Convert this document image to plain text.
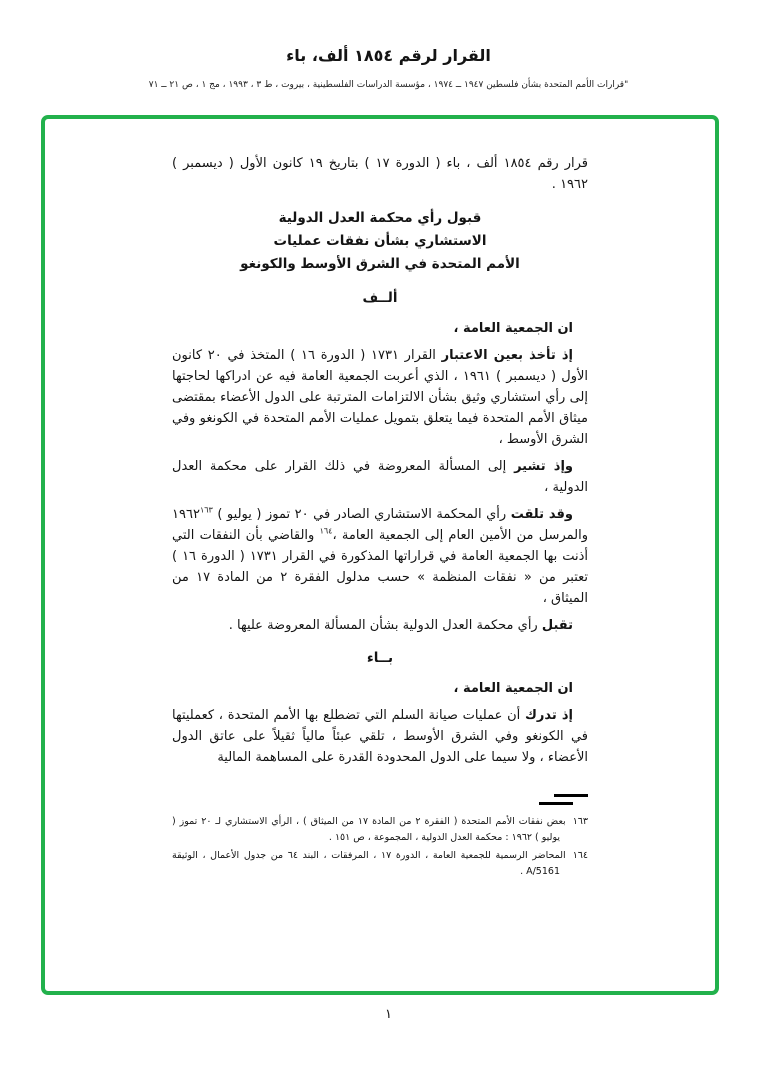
القرار لرقم ١٨٥٤ ألف، باء
"قرارات الأمم المتحدة بشأن فلسطين ١٩٤٧ ــ ١٩٧٤ ، مؤسسة الدراسات الفلسطينية ، بيروت ، ط ٣ ، ١٩٩٣ ، مج ١ ، ص ٢١ ــ ٧١

قرار رقم ١٨٥٤ ألف ، باء ( الدورة ١٧ ) بتاريخ ١٩ كانون الأول ( ديسمبر ) ١٩٦٢ .

قبول رأي محكمة العدل الدولية
الاستشاري بشأن نفقات عمليات
الأمم المتحدة في الشرق الأوسط والكونغو
ألــف

ان الجمعية العامة ،

إذ تأخذ بعين الاعتبار القرار ١٧٣١ ( الدورة ١٦ ) المتخذ في ٢٠ كانون الأول ( ديسمبر ) ١٩٦١ ، الذي أعربت الجمعية العامة فيه عن ادراكها لحاجتها إلى رأي استشاري وثيق بشأن الالتزامات المترتبة على الدول الأعضاء بمقتضى ميثاق الأمم المتحدة فيما يتعلق بتمويل عمليات الأمم المتحدة في الكونغو وفي الشرق الأوسط ،

وإذ تشير إلى المسألة المعروضة في ذلك القرار على محكمة العدل الدولية ،

وقد تلقت رأي المحكمة الاستشاري الصادر في ٢٠ تموز ( يوليو ) ١٩٦٢$^{١٦٣}$ والمرسل من الأمين العام إلى الجمعية العامة ،$^{١٦٤}$ والقاضي بأن النفقات التي أذنت بها الجمعية العامة في قراراتها المذكورة في القرار ١٧٣١ ( الدورة ١٦ ) تعتبر من « نفقات المنظمة » حسب مدلول الفقرة ٢ من المادة ١٧ من الميثاق ،

تقبل رأي محكمة العدل الدولية بشأن المسألة المعروضة عليها .

بــاء

ان الجمعية العامة ،

إذ تدرك أن عمليات صيانة السلم التي تضطلع بها الأمم المتحدة ، كعمليتها في الكونغو وفي الشرق الأوسط ، تلقي عبئاً مالياً ثقيلاً على عاتق الدول الأعضاء ، ولا سيما على الدول المحدودة القدرة على المساهمة المالية

١٦٣بعض نفقات الأمم المتحدة ( الفقرة ٢ من المادة ١٧ من الميثاق ) ، الرأي الاستشاري لـ ٢٠ تموز ( يوليو ) ١٩٦٢ : محكمة العدل الدولية ، المجموعة ، ص ١٥١ .
١٦٤المحاضر الرسمية للجمعية العامة ، الدورة ١٧ ، المرفقات ، البند ٦٤ من جدول الأعمال ، الوثيقة A/5161 .
١
